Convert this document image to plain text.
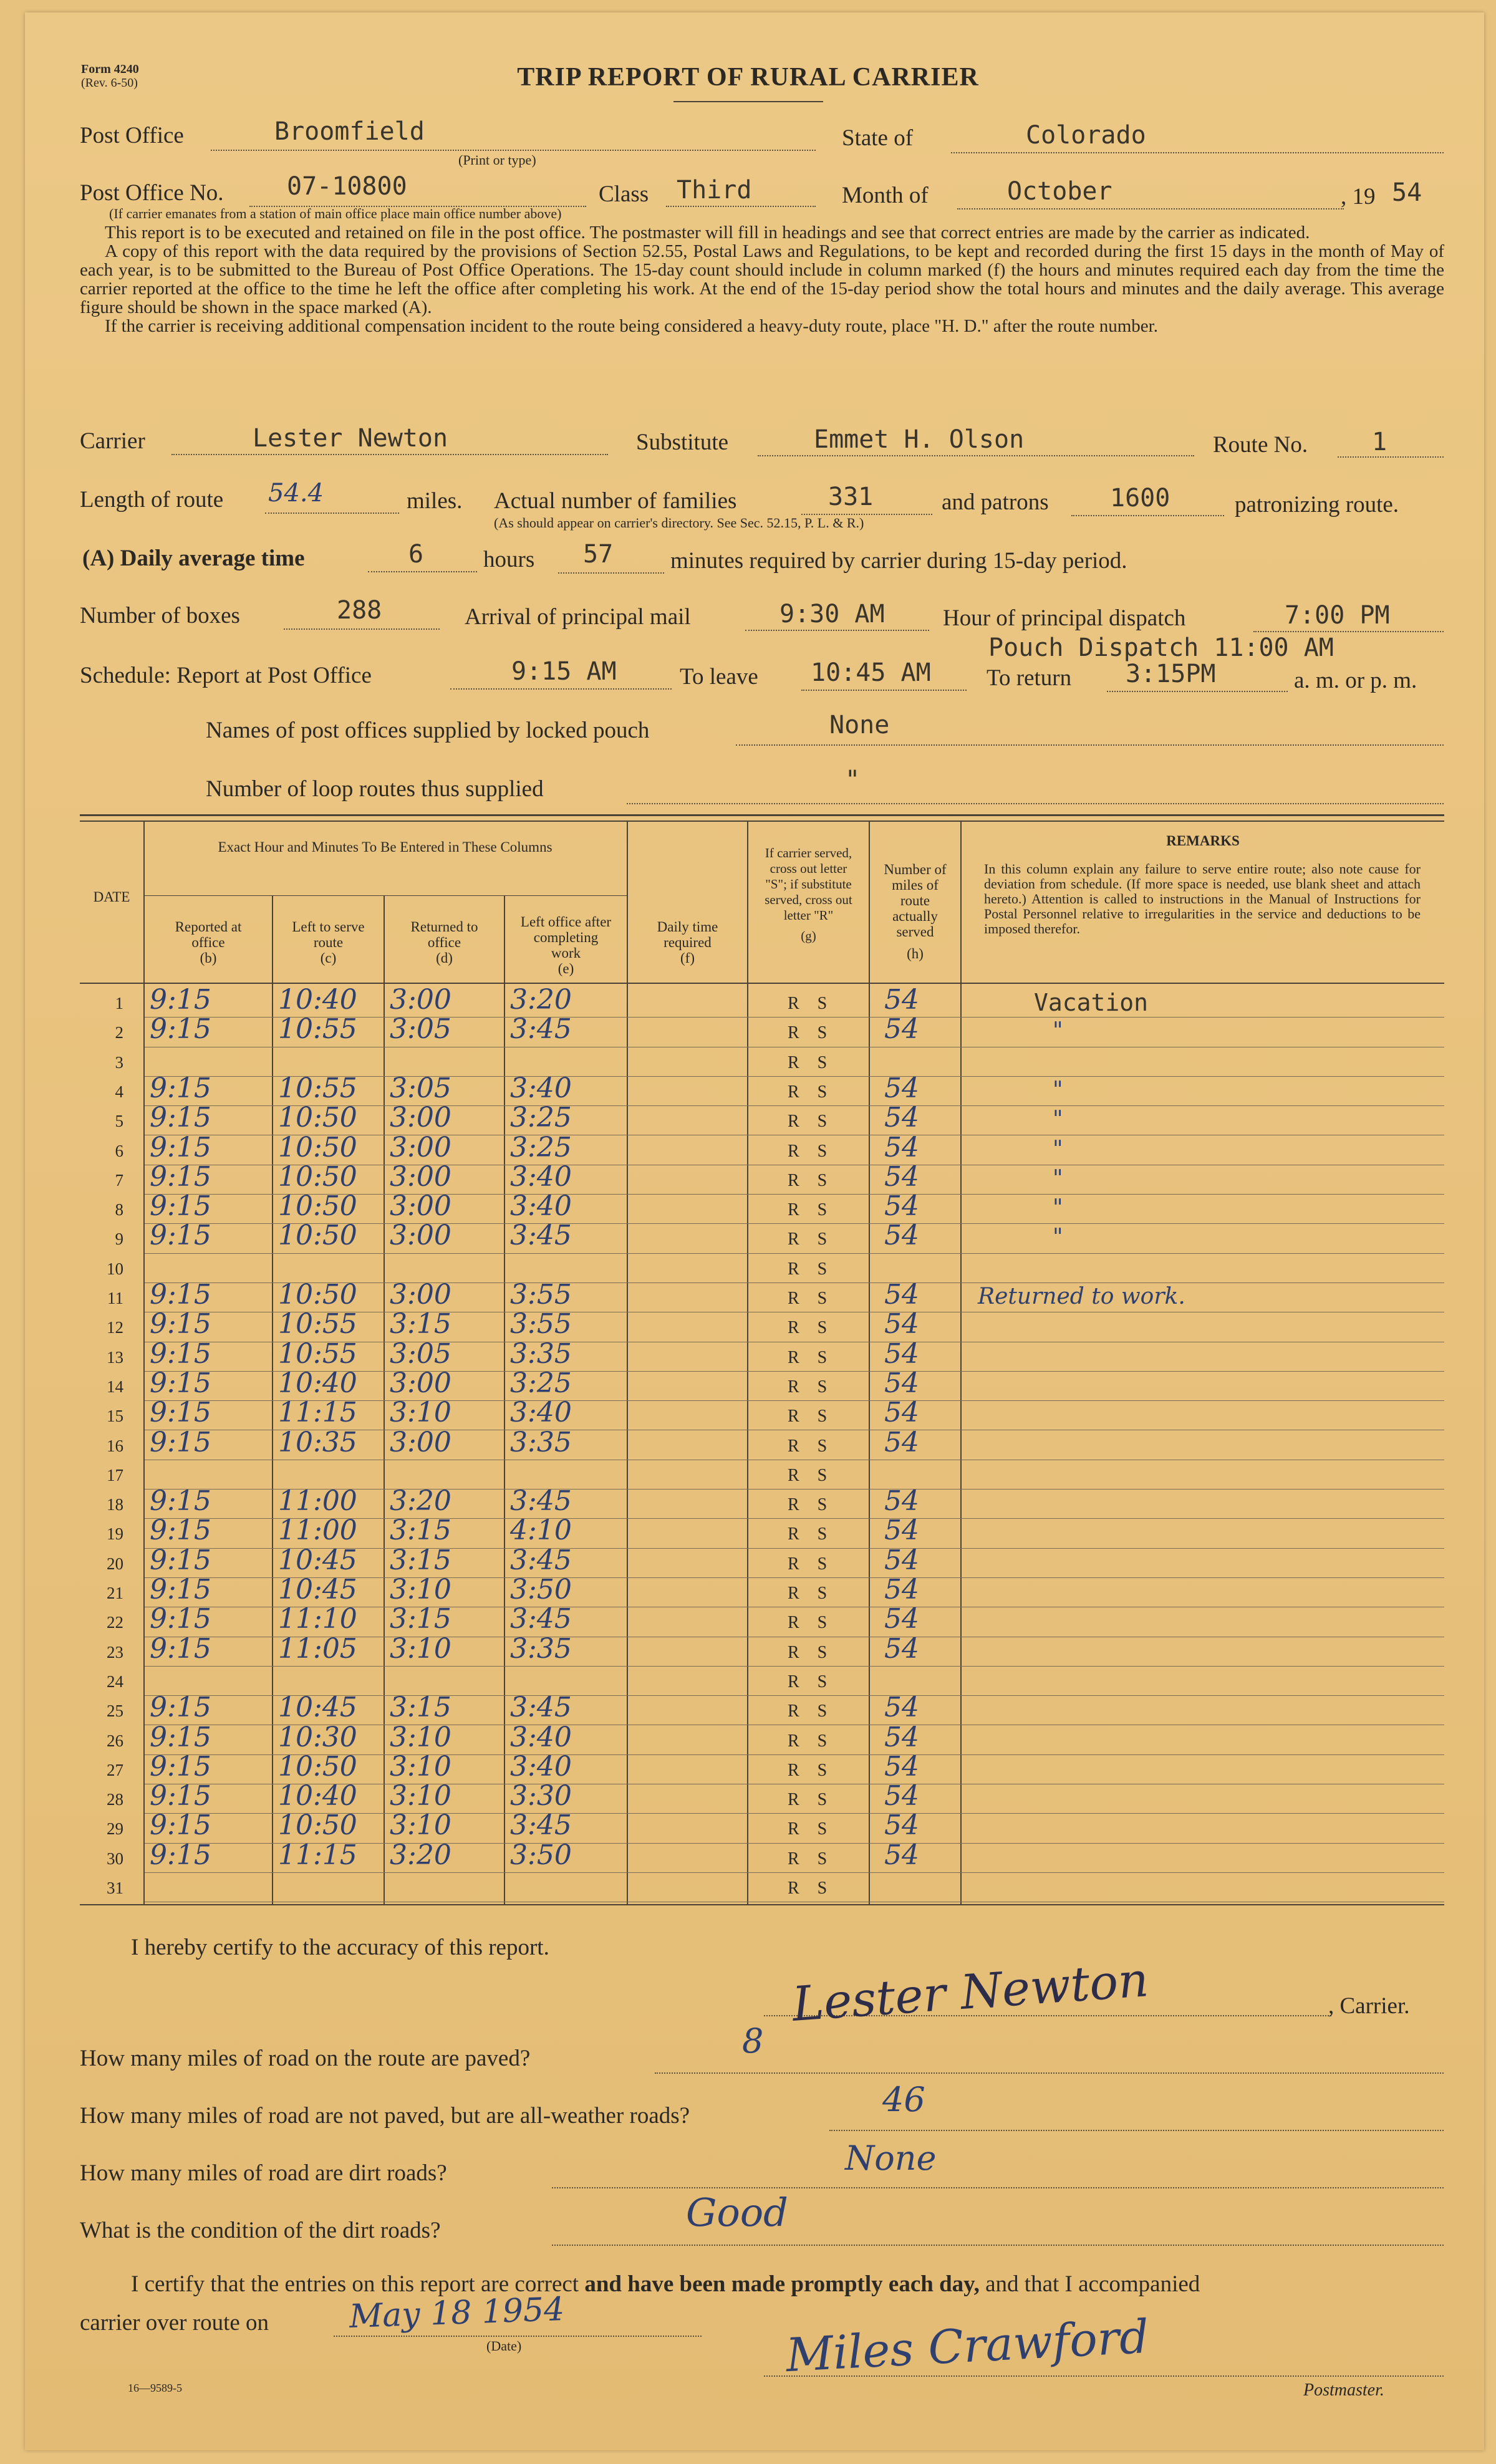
Form 4240
(Rev. 6-50)	TRIP REPORT OF RURAL CARRIER
Post Office	Broomfield
(Print or type)
State of	Colorado
Post Office No.	07-10800	Class Third	Month of	October	, 19 54
(If carrier emanates from a station of main office place main office number above)
This report is to be executed and retained on file in the post office. The postmaster will fill in headings and see that correct entries are made by the carrier as indicated.
A copy of this report with the data required by the provisions of Section 52.55, Postal Laws and Regulations, to be kept and recorded during the first 15 days in the month of May of each year, is to be submitted to the Bureau of Post Office Operations. The 15-day count should include in column marked (f) the hours and minutes required each day from the time the carrier reported at the office to the time he left the office after completing his work. At the end of the 15-day period show the total hours and minutes and the daily average. This average figure should be shown in the space marked (A).
If the carrier is receiving additional compensation incident to the route being considered a heavy-duty route, place "H. D." after the route number.
Carrier	Lester Newton	Substitute	Emmet H. Olson	Route No.	1
Length of route 54.4	miles. Actual number of families	331	and patrons 1600	patronizing route.
(As should appear on carrier's directory. See Sec. 52.15, P. L. & R.)
(A) Daily average time	6	hours 57 minutes required by carrier during 15-day period.
Number of boxes	288	Arrival of principal mail	9:30 AM	Hour of principal dispatch	7:00 PM
Pouch Dispatch 11:00 AM
Schedule: Report at Post Office	9:15 AM	To leave 10:45 AM To return 3:15PM	a. m. or p. m.
Names of post offices supplied by locked pouch	None
Number of loop routes thus supplied	"
Exact Hour and Minutes To Be Entered in These Columns
DATE
Reported at office
(b)
Left to serve route
(c)
Returned to office
(d)
Left office after completing work
(e)
Daily time required
(f)
If carrier served, cross out letter "S"; if substitute served, cross out letter "R"
(g)
Number of miles of route actually served
(h)
REMARKS
In this column explain any failure to serve entire route; also note cause for deviation from schedule. (If more space is needed, use blank sheet and attach hereto.) Attention is called to instructions in the Manual of Instructions for Postal Personnel relative to irregularities in the service and deductions to be imposed therefor.
1 9:15	10:40	3:00	3:20	R S 54	Vacation
2 9:15	10:55	3:05	3:45	R S 54	"
3	R S
4 9:15	10:55	3:05	3:40	R S 54	"
5 9:15	10:50	3:00	3:25	R S 54	"
6 9:15	10:50	3:00	3:25	R S 54	"
7 9:15	10:50	3:00	3:40	R S 54	"
8 9:15	10:50	3:00	3:40	R S 54	"
9 9:15	10:50	3:00	3:45	R S 54	"
10	R S
11 9:15	10:50	3:00	3:55	R S 54	Returned to work.
12 9:15	10:55	3:15	3:55	R S 54
13 9:15	10:55	3:05	3:35	R S 54
14 9:15	10:40	3:00	3:25	R S 54
15 9:15	11:15	3:10	3:40	R S 54
16 9:15	10:35	3:00	3:35	R S 54
17	R S
18 9:15	11:00	3:20	3:45	R S 54
19 9:15	11:00	3:15	4:10	R S 54
20 9:15	10:45	3:15	3:45	R S 54
21 9:15	10:45	3:10	3:50	R S 54
22 9:15	11:10	3:15	3:45	R S 54
23 9:15	11:05	3:10	3:35	R S 54
24	R S
25 9:15	10:45	3:15	3:45	R S 54
26 9:15	10:30	3:10	3:40	R S 54
27 9:15	10:50	3:10	3:40	R S 54
28 9:15	10:40	3:10	3:30	R S 54
29 9:15	10:50	3:10	3:45	R S 54
30 9:15	11:15	3:20	3:50	R S 54
31	R S
I hereby certify to the accuracy of this report.
Lester Newton	, Carrier.
How many miles of road on the route are paved?	8
How many miles of road are not paved, but are all-weather roads?	46
How many miles of road are dirt roads?	None
What is the condition of the dirt roads?	Good
I certify that the entries on this report are correct and have been made promptly each day, and that I accompanied
carrier over route on May 18 1954
(Date)	Miles Crawford
Postmaster.
16—9589-5
